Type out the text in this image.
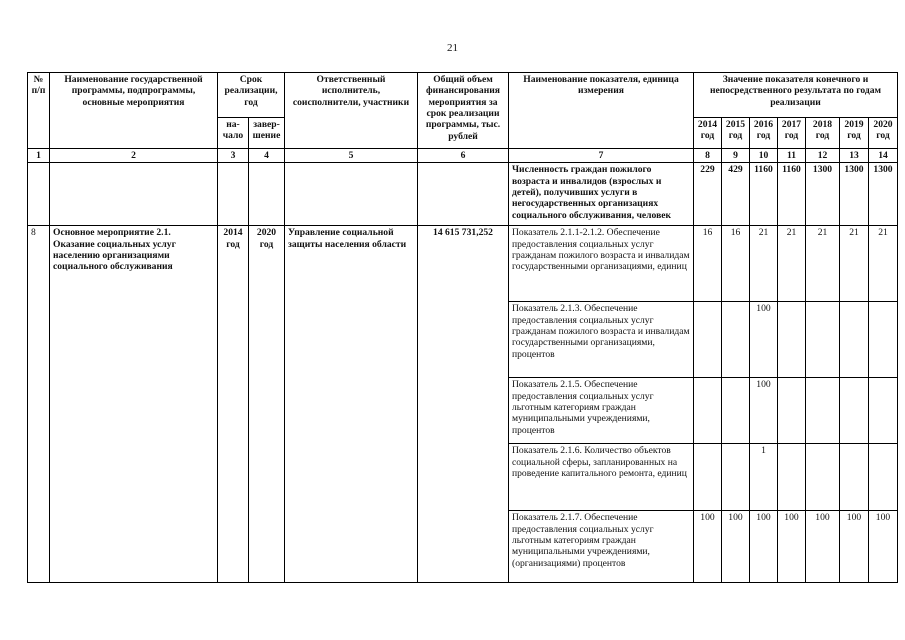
21
№ п/п	Наименование государственной программы, подпрограммы, основные мероприятия	Срок реализации, год		Ответственный исполнитель, соисполнители, участники	Общий объем финансирования мероприятия за срок реализации программы, тыс. рублей	Наименование показателя, единица измерения	Значение показателя конечного и непосредственного результата по годам реализации						
		на-чало	завер-шение				2014 год	2015 год	2016 год	2017 год	2018 год	2019 год	2020 год
1	2	3	4	5	6	7	8	9	10	11	12	13	14
						Численность граждан пожилого возраста и инвалидов (взрослых и детей), получивших услуги в негосударственных организациях социального обслуживания, человек	229	429	1160	1160	1300	1300	1300
8	Основное мероприятие 2.1. Оказание социальных услуг населению организациями социального обслуживания	2014 год	2020 год	Управление социальной защиты населения области	14 615 731,252	Показатель 2.1.1-2.1.2. Обеспечение предоставления социальных услуг гражданам пожилого возраста и инвалидам государственными организациями, единиц	16	16	21	21	21	21	21
						Показатель 2.1.3. Обеспечение предоставления социальных услуг гражданам пожилого возраста и инвалидам государственными организациями, процентов			100				
						Показатель 2.1.5. Обеспечение предоставления социальных услуг льготным категориям граждан муниципальными учреждениями, процентов			100				
						Показатель 2.1.6. Количество объектов социальной сферы, запланированных на проведение капитального ремонта, единиц			1				
						Показатель 2.1.7. Обеспечение предоставления социальных услуг льготным категориям граждан муниципальными учреждениями, (организациями) процентов	100	100	100	100	100	100	100
